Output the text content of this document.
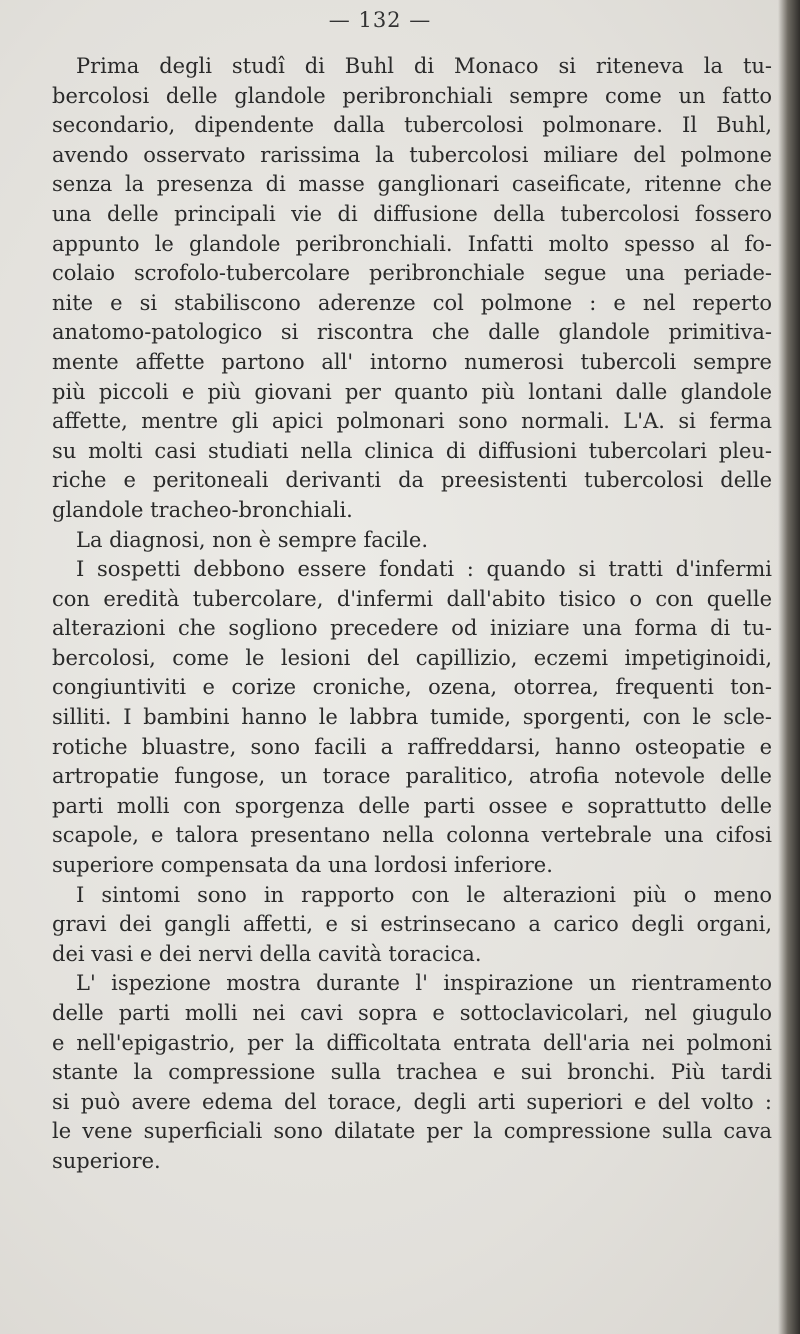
— 132 —
Prima degli studî di Buhl di Monaco si riteneva la tu-
bercolosi delle glandole peribronchiali sempre come un fatto
secondario, dipendente dalla tubercolosi polmonare. Il Buhl,
avendo osservato rarissima la tubercolosi miliare del polmone
senza la presenza di masse ganglionari caseificate, ritenne che
una delle principali vie di diffusione della tubercolosi fossero
appunto le glandole peribronchiali. Infatti molto spesso al fo-
colaio scrofolo-tubercolare peribronchiale segue una periade-
nite e si stabiliscono aderenze col polmone : e nel reperto
anatomo-patologico si riscontra che dalle glandole primitiva-
mente affette partono all' intorno numerosi tubercoli sempre
più piccoli e più giovani per quanto più lontani dalle glandole
affette, mentre gli apici polmonari sono normali. L'A. si ferma
su molti casi studiati nella clinica di diffusioni tubercolari pleu-
riche e peritoneali derivanti da preesistenti tubercolosi delle
glandole tracheo-bronchiali.
La diagnosi, non è sempre facile.
I sospetti debbono essere fondati : quando si tratti d'infermi
con eredità tubercolare, d'infermi dall'abito tisico o con quelle
alterazioni che sogliono precedere od iniziare una forma di tu-
bercolosi, come le lesioni del capillizio, eczemi impetiginoidi,
congiuntiviti e corize croniche, ozena, otorrea, frequenti ton-
silliti. I bambini hanno le labbra tumide, sporgenti, con le scle-
rotiche bluastre, sono facili a raffreddarsi, hanno osteopatie e
artropatie fungose, un torace paralitico, atrofia notevole delle
parti molli con sporgenza delle parti ossee e soprattutto delle
scapole, e talora presentano nella colonna vertebrale una cifosi
superiore compensata da una lordosi inferiore.
I sintomi sono in rapporto con le alterazioni più o meno
gravi dei gangli affetti, e si estrinsecano a carico degli organi,
dei vasi e dei nervi della cavità toracica.
L' ispezione mostra durante l' inspirazione un rientramento
delle parti molli nei cavi sopra e sottoclavicolari, nel giugulo
e nell'epigastrio, per la difficoltata entrata dell'aria nei polmoni
stante la compressione sulla trachea e sui bronchi. Più tardi
si può avere edema del torace, degli arti superiori e del volto :
le vene superficiali sono dilatate per la compressione sulla cava
superiore.
